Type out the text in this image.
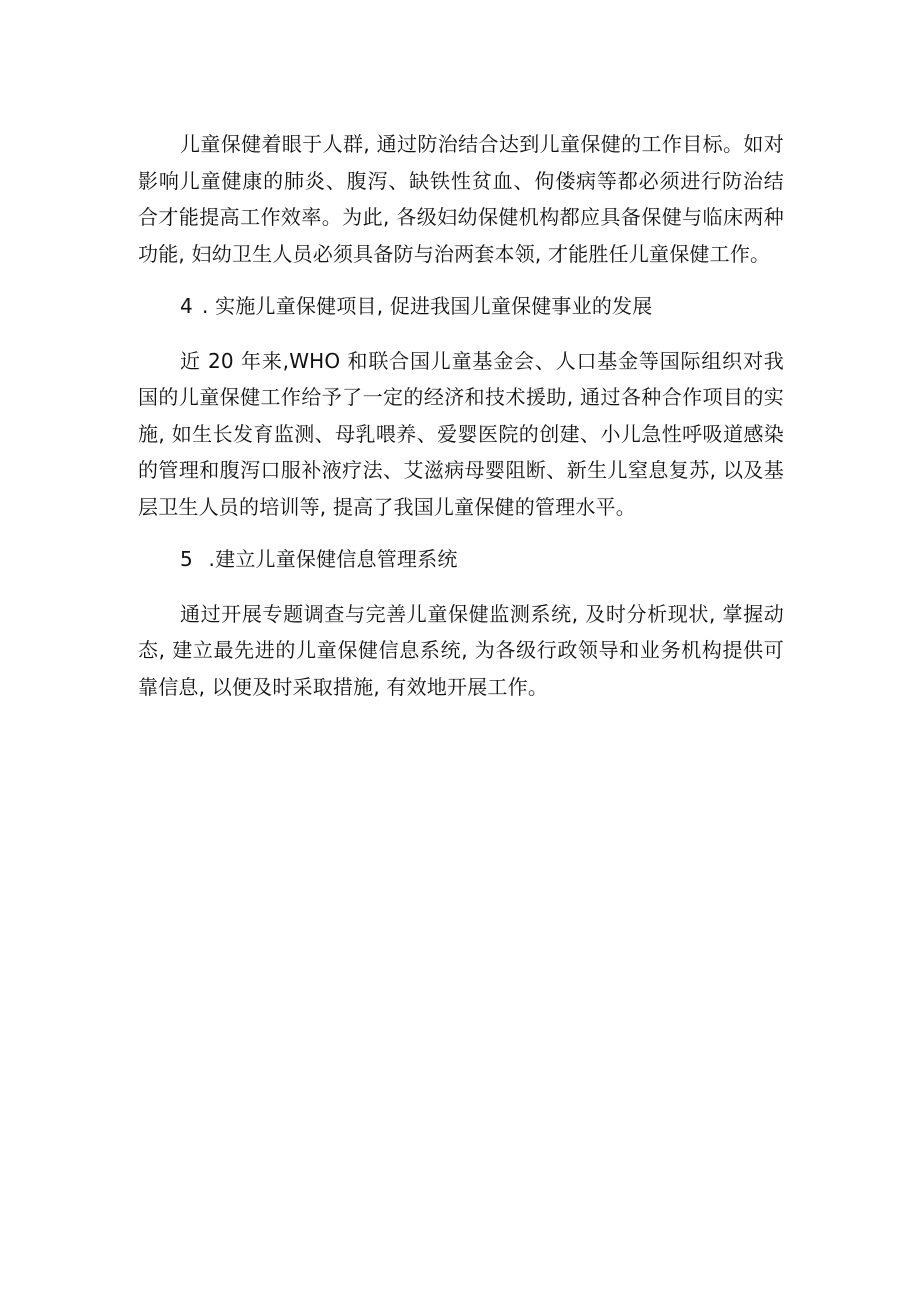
儿童保健着眼于人群, 通过防治结合达到儿童保健的工作目标。如对影响儿童健康的肺炎、腹泻、缺铁性贫血、佝偻病等都必须进行防治结合才能提高工作效率。为此, 各级妇幼保健机构都应具备保健与临床两种功能, 妇幼卫生人员必须具备防与治两套本领, 才能胜任儿童保健工作。

4 . 实施儿童保健项目, 促进我国儿童保健事业的发展

近 20 年来,WHO 和联合国儿童基金会、人口基金等国际组织对我国的儿童保健工作给予了一定的经济和技术援助, 通过各种合作项目的实施, 如生长发育监测、母乳喂养、爱婴医院的创建、小儿急性呼吸道感染的管理和腹泻口服补液疗法、艾滋病母婴阻断、新生儿窒息复苏, 以及基层卫生人员的培训等, 提高了我国儿童保健的管理水平。

5 .建立儿童保健信息管理系统

通过开展专题调查与完善儿童保健监测系统, 及时分析现状, 掌握动态, 建立最先进的儿童保健信息系统, 为各级行政领导和业务机构提供可靠信息, 以便及时采取措施, 有效地开展工作。
